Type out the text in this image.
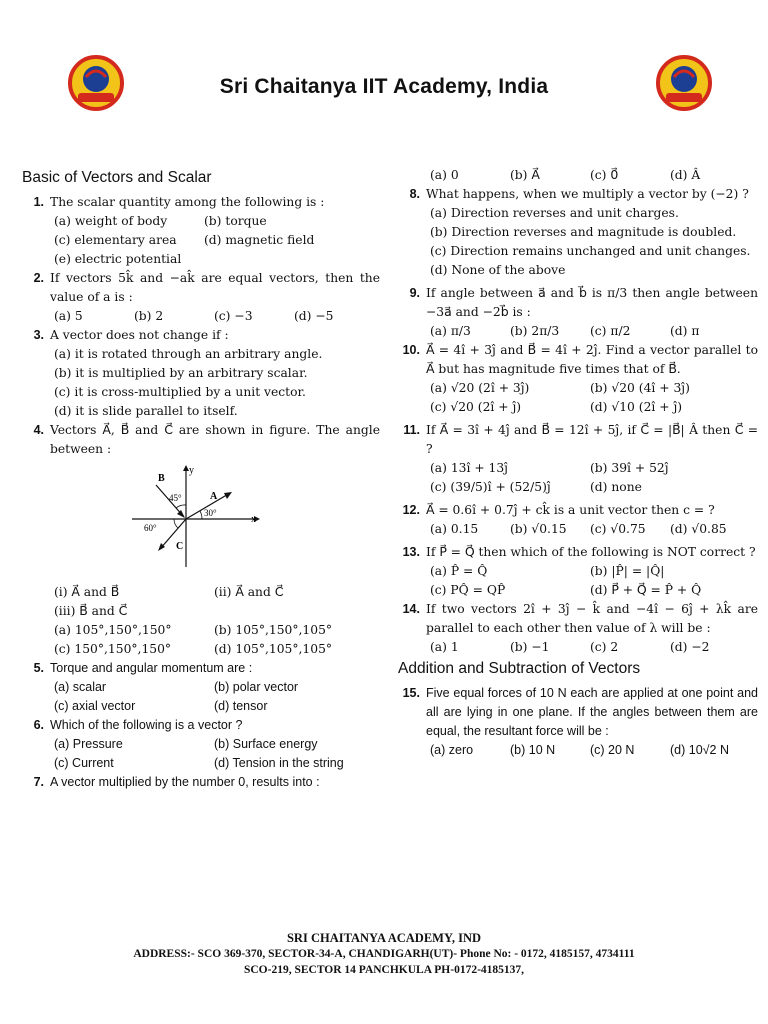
Sri Chaitanya IIT Academy, India
Basic of Vectors and Scalar
1. The scalar quantity among the following is :
(a) weight of body	(b) torque
(c) elementary area	(d) magnetic field
(e) electric potential
2. If vectors 5k̂ and −ak̂ are equal vectors, then the value of a is :
(a) 5	(b) 2	(c) −3	(d) −5
3. A vector does not change if :
(a) it is rotated through an arbitrary angle.
(b) it is multiplied by an arbitrary scalar.
(c) it is cross-multiplied by a unit vector.
(d) it is slide parallel to itself.
4. Vectors A⃗, B⃗ and C⃗ are shown in figure. The angle between :
x
y
B⃗
A⃗
C⃗
45°
30°
60°
(i) A⃗ and B⃗	(ii) A⃗ and C⃗
(iii) B⃗ and C⃗
(a) 105°,150°,150°	(b) 105°,150°,105°
(c) 150°,150°,150°	(d) 105°,105°,105°
5. Torque and angular momentum are :
(a) scalar	(b) polar vector
(c) axial vector	(d) tensor
6. Which of the following is a vector ?
(a) Pressure	(b) Surface energy
(c) Current	(d) Tension in the string
7. A vector multiplied by the number 0, results into :
(a) 0	(b) A⃗	(c) 0⃗	(d) Â
8. What happens, when we multiply a vector by (−2) ?
(a) Direction reverses and unit charges.
(b) Direction reverses and magnitude is doubled.
(c) Direction remains unchanged and unit changes.
(d) None of the above
9. If angle between a⃗ and b⃗ is π/3 then angle between −3a⃗ and −2b⃗ is :
(a) π/3	(b) 2π/3	(c) π/2	(d) π
10. A⃗ = 4î + 3ĵ and B⃗ = 4î + 2ĵ. Find a vector parallel to A⃗ but has magnitude five times that of B⃗.
(a) √20 (2î + 3ĵ)	(b) √20 (4î + 3ĵ)
(c) √20 (2î + ĵ)	(d) √10 (2î + ĵ)
11. If A⃗ = 3î + 4ĵ and B⃗ = 12î + 5ĵ, if C⃗ = |B⃗| Â then C⃗ = ?
(a) 13î + 13ĵ	(b) 39î + 52ĵ
(c) (39/5)î + (52/5)ĵ	(d) none
12. A⃗ = 0.6î + 0.7ĵ + ck̂ is a unit vector then c = ?
(a) 0.15	(b) √0.15	(c) √0.75	(d) √0.85
13. If P⃗ = Q⃗ then which of the following is NOT correct ?
(a) P̂ = Q̂	(b) |P̂| = |Q̂|
(c) PQ̂ = QP̂	(d) P⃗ + Q⃗ = P̂ + Q̂
14. If two vectors 2î + 3ĵ − k̂ and −4î − 6ĵ + λk̂ are parallel to each other then value of λ will be :
(a) 1	(b) −1	(c) 2	(d) −2
Addition and Subtraction of Vectors
15. Five equal forces of 10 N each are applied at one point and all are lying in one plane. If the angles between them are equal, the resultant force will be :
(a) zero	(b) 10 N	(c) 20 N	(d) 10√2 N
SRI CHAITANYA ACADEMY, IND
ADDRESS:- SCO 369-370, SECTOR-34-A, CHANDIGARH(UT)- Phone No: - 0172, 4185157, 4734111
SCO-219, SECTOR 14 PANCHKULA PH-0172-4185137,
